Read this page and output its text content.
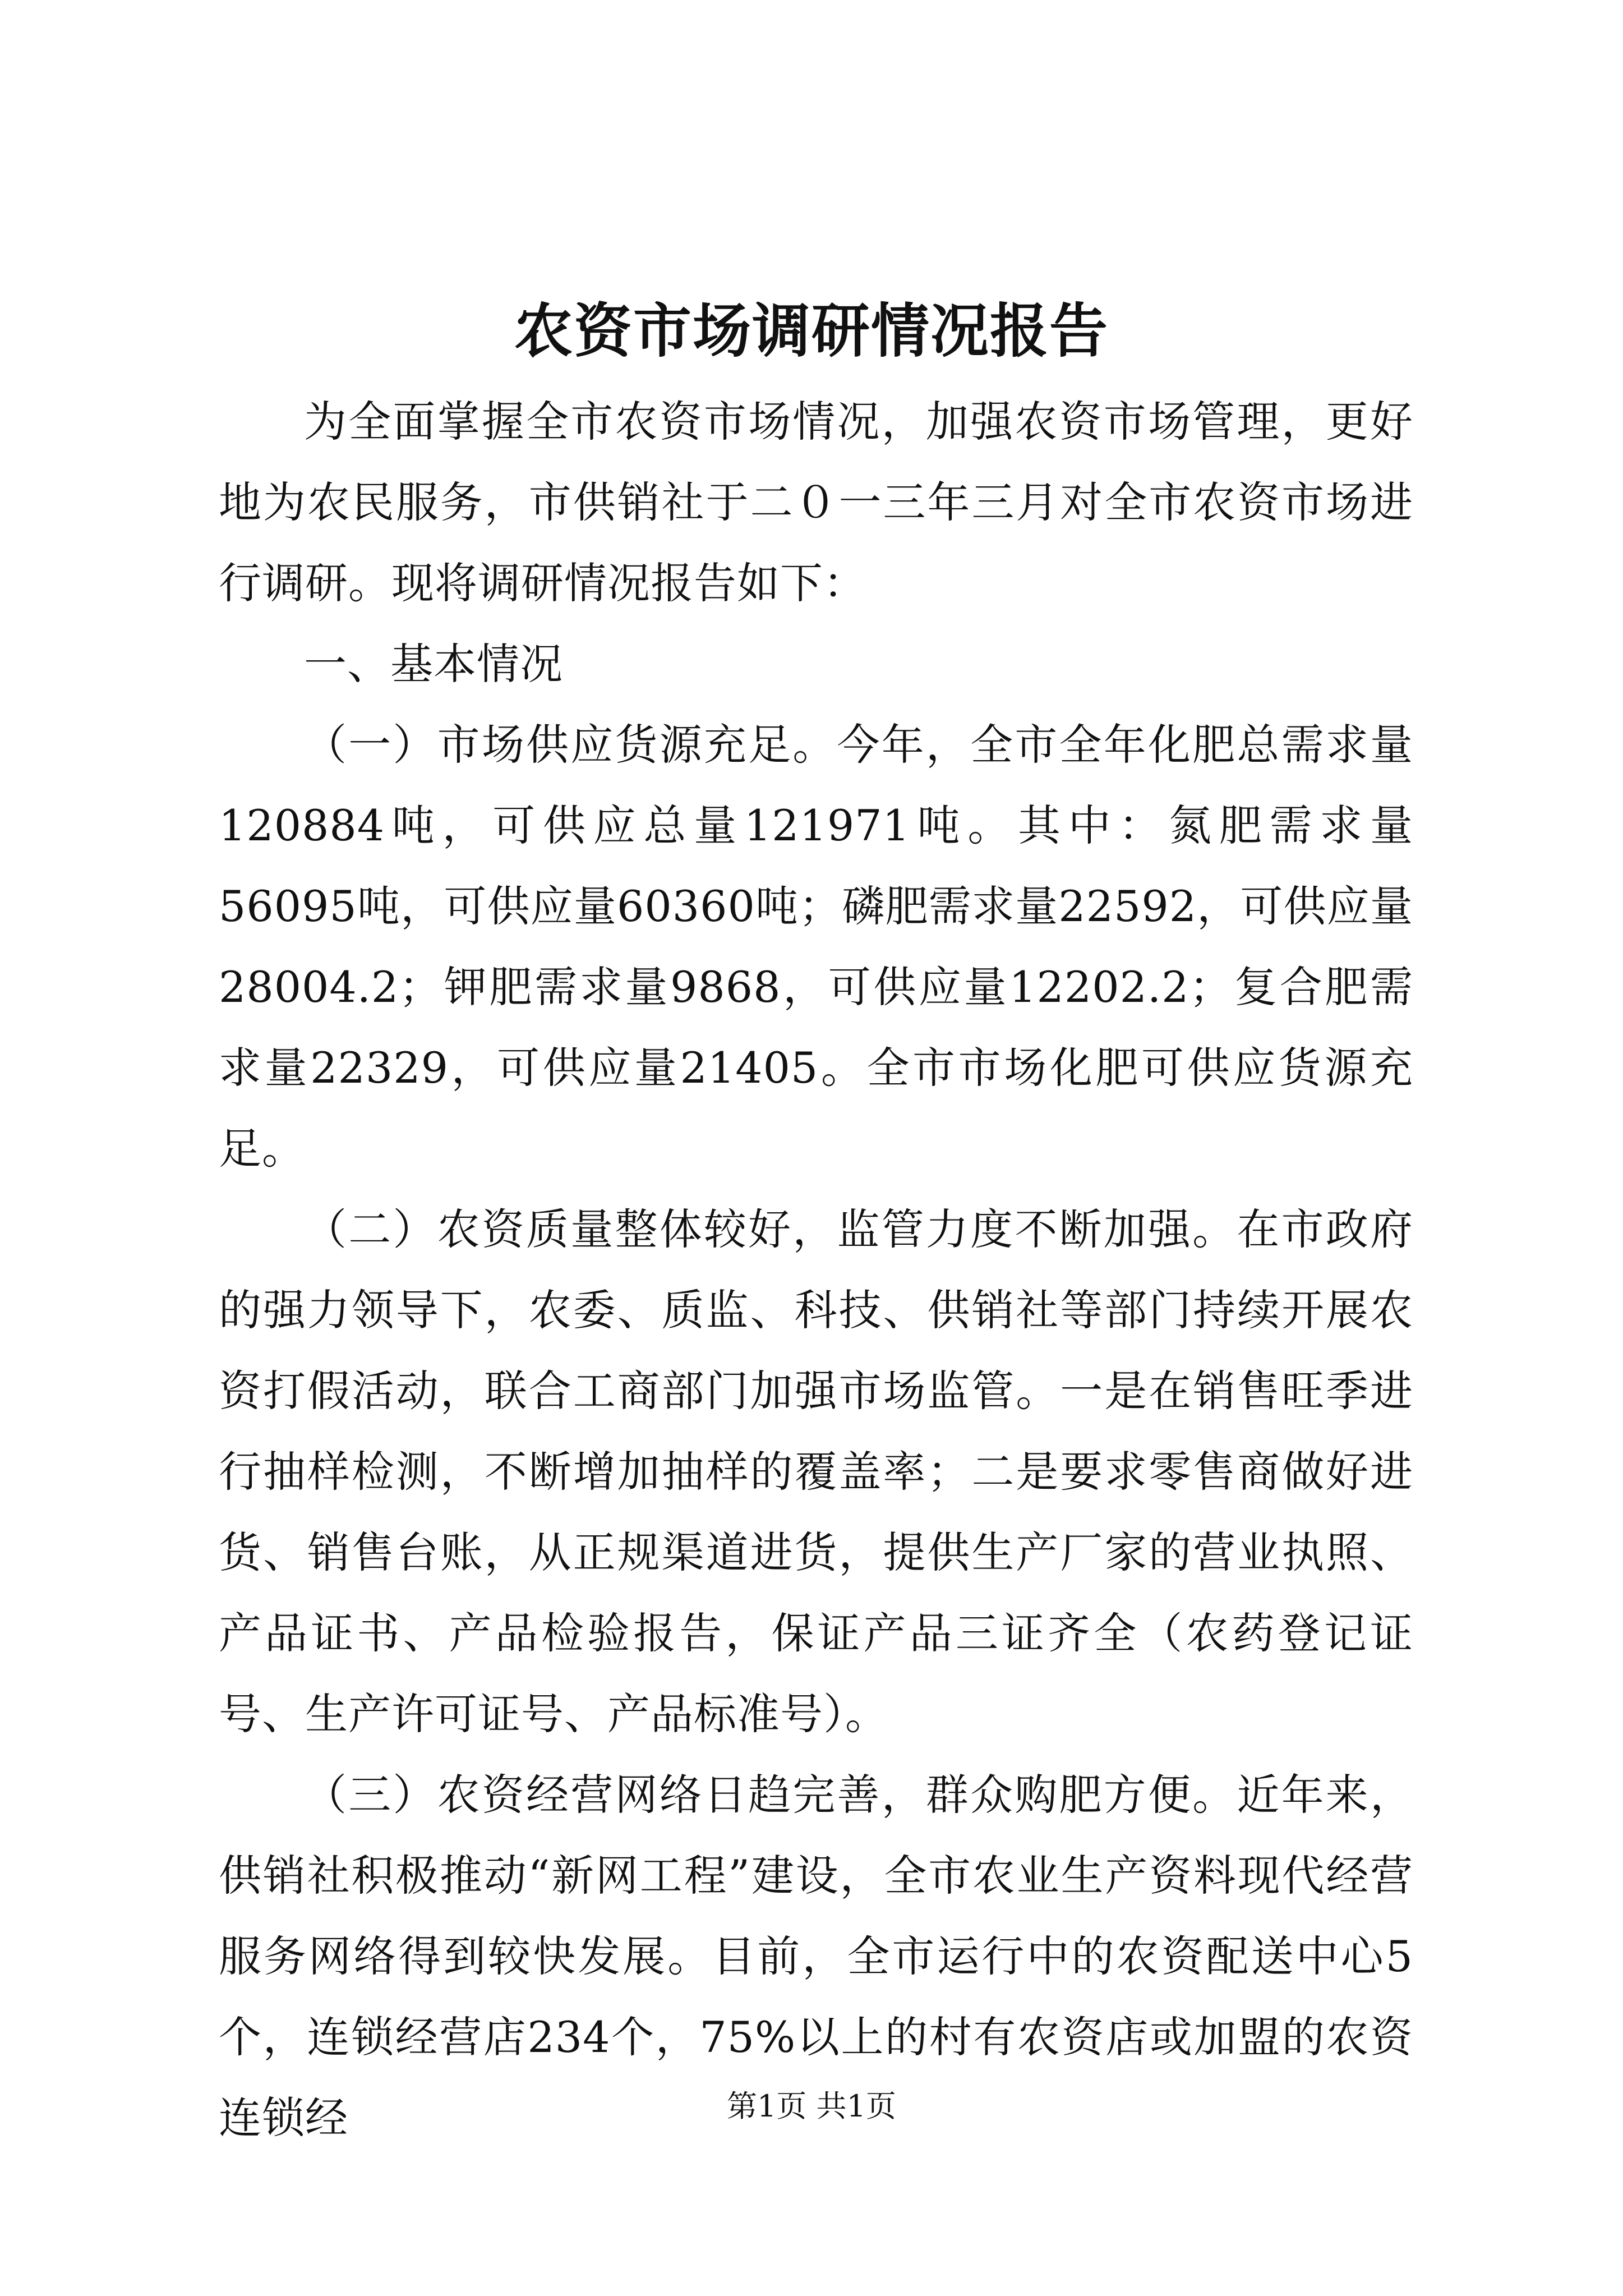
农资市场调研情况报告

为全面掌握全市农资市场情况，加强农资市场管理，更好地为农民服务，市供销社于二０一三年三月对全市农资市场进行调研。现将调研情况报告如下：

一、基本情况

（一）市场供应货源充足。今年，全市全年化肥总需求量120884吨，可供应总量121971吨。其中：氮肥需求量56095吨，可供应量60360吨；磷肥需求量22592，可供应量28004.2；钾肥需求量9868，可供应量12202.2；复合肥需求量22329，可供应量21405。全市市场化肥可供应货源充足。

（二）农资质量整体较好，监管力度不断加强。在市政府的强力领导下，农委、质监、科技、供销社等部门持续开展农资打假活动，联合工商部门加强市场监管。一是在销售旺季进行抽样检测，不断增加抽样的覆盖率；二是要求零售商做好进货、销售台账，从正规渠道进货，提供生产厂家的营业执照、产品证书、产品检验报告，保证产品三证齐全（农药登记证号、生产许可证号、产品标准号）。

（三）农资经营网络日趋完善，群众购肥方便。近年来，供销社积极推动“新网工程”建设，全市农业生产资料现代经营服务网络得到较快发展。目前，全市运行中的农资配送中心5个，连锁经营店234个，75%以上的村有农资店或加盟的农资连锁经	第1页 共1页
